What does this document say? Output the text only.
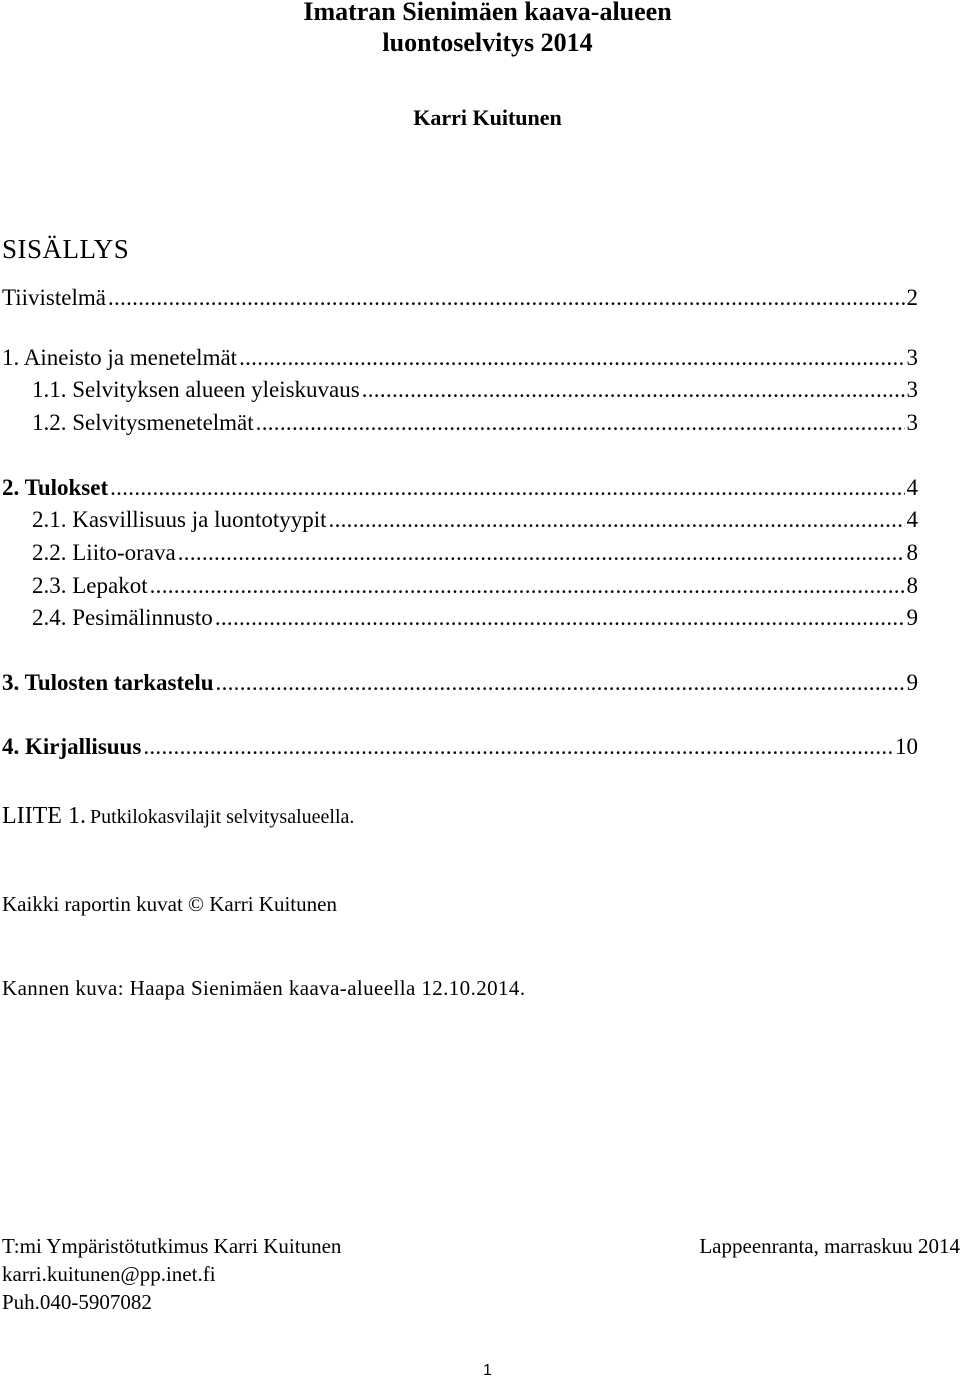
Imatran Sienimäen kaava-alueen
luontoselvitys 2014
Karri Kuitunen
SISÄLLYS
Tiivistelmä .....	2
1. Aineisto ja menetelmät .....	3
1.1. Selvityksen alueen yleiskuvaus .....	3
1.2. Selvitysmenetelmät .....	3
2. Tulokset .....	4
2.1. Kasvillisuus ja luontotyypit .....	4
2.2. Liito-orava .....	8
2.3. Lepakot .....	8
2.4. Pesimälinnusto .....	9
3. Tulosten tarkastelu .....	9
4. Kirjallisuus .....	10
LIITE 1. Putkilokasvilajit selvitysalueella.
Kaikki raportin kuvat © Karri Kuitunen
Kannen kuva: Haapa Sienimäen kaava-alueella 12.10.2014.
T:mi Ympäristötutkimus Karri Kuitunen
karri.kuitunen@pp.inet.fi
Puh.040-5907082
Lappeenranta, marraskuu 2014
1
